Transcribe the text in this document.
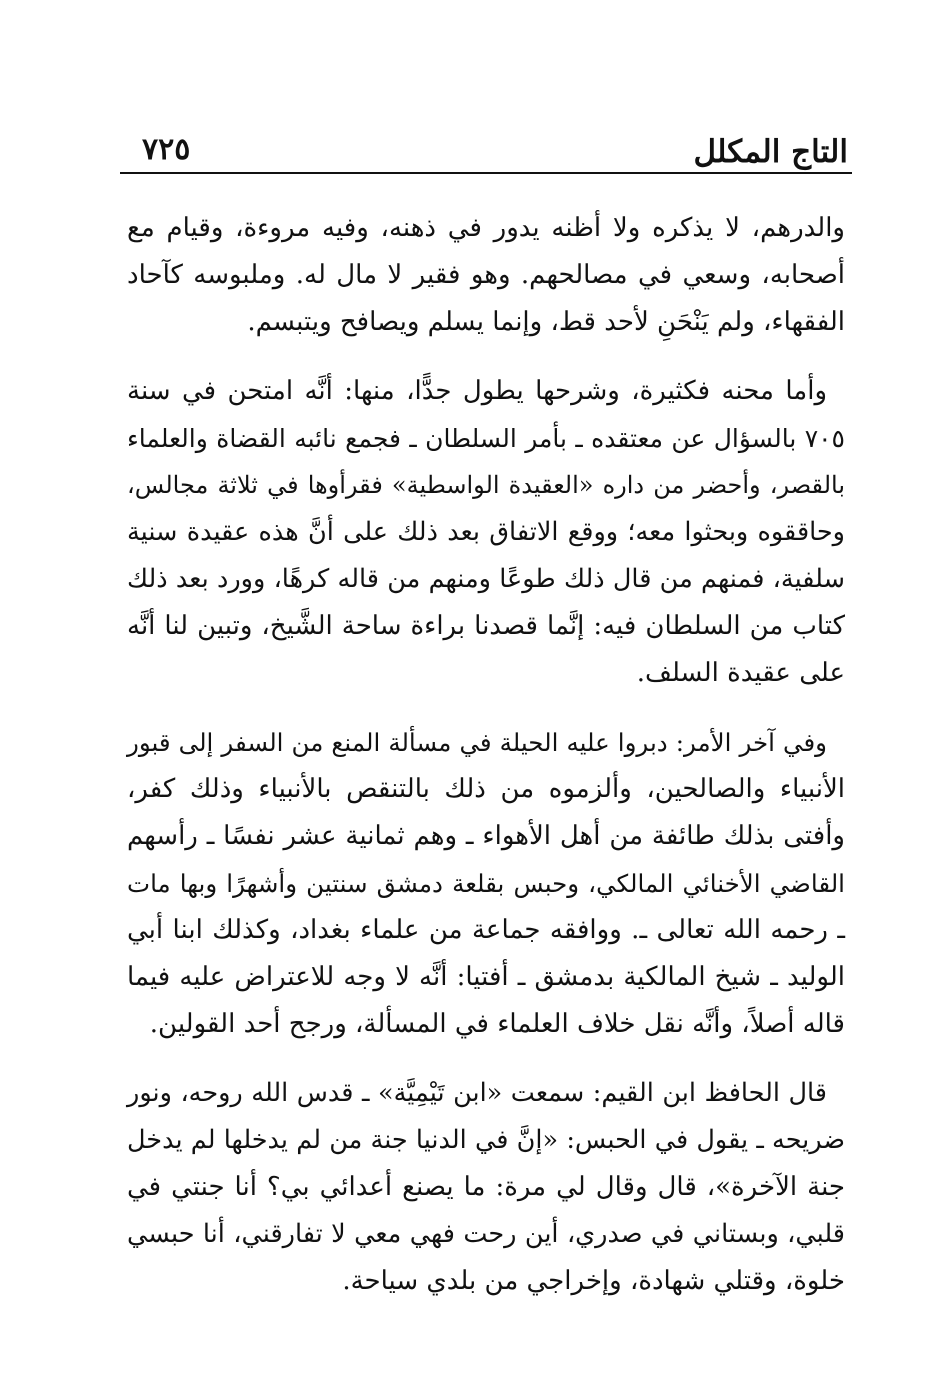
التاج المكلل
٧٢٥
والدرهم، لا يذكره ولا أظنه يدور في ذهنه، وفيه مروءة، وقيام مع
أصحابه، وسعي في مصالحهم. وهو فقير لا مال له. وملبوسه كآحاد
الفقهاء، ولم يَنْحَنِ لأحد قط، وإنما يسلم ويصافح ويتبسم.
وأما محنه فكثيرة، وشرحها يطول جدًّا، منها: أنَّه امتحن في سنة
٧٠٥ بالسؤال عن معتقده ـ بأمر السلطان ـ فجمع نائبه القضاة والعلماء
بالقصر، وأحضر من داره «العقيدة الواسطية» فقرأوها في ثلاثة مجالس،
وحاققوه وبحثوا معه؛ ووقع الاتفاق بعد ذلك على أنَّ هذه عقيدة سنية
سلفية، فمنهم من قال ذلك طوعًا ومنهم من قاله كرهًا، وورد بعد ذلك
كتاب من السلطان فيه: إنَّما قصدنا براءة ساحة الشَّيخ، وتبين لنا أنَّه
على عقيدة السلف.
وفي آخر الأمر: دبروا عليه الحيلة في مسألة المنع من السفر إلى قبور
الأنبياء والصالحين، وألزموه من ذلك بالتنقص بالأنبياء وذلك كفر،
وأفتى بذلك طائفة من أهل الأهواء ـ وهم ثمانية عشر نفسًا ـ رأسهم
القاضي الأخنائي المالكي، وحبس بقلعة دمشق سنتين وأشهرًا وبها مات
ـ رحمه الله تعالى ـ. ووافقه جماعة من علماء بغداد، وكذلك ابنا أبي
الوليد ـ شيخ المالكية بدمشق ـ أفتيا: أنَّه لا وجه للاعتراض عليه فيما
قاله أصلاً، وأنَّه نقل خلاف العلماء في المسألة، ورجح أحد القولين.
قال الحافظ ابن القيم: سمعت «ابن تَيْمِيَّة» ـ قدس الله روحه، ونور
ضريحه ـ يقول في الحبس: «إنَّ في الدنيا جنة من لم يدخلها لم يدخل
جنة الآخرة»، قال وقال لي مرة: ما يصنع أعدائي بي؟ أنا جنتي في
قلبي، وبستاني في صدري، أين رحت فهي معي لا تفارقني، أنا حبسي
خلوة، وقتلي شهادة، وإخراجي من بلدي سياحة.
